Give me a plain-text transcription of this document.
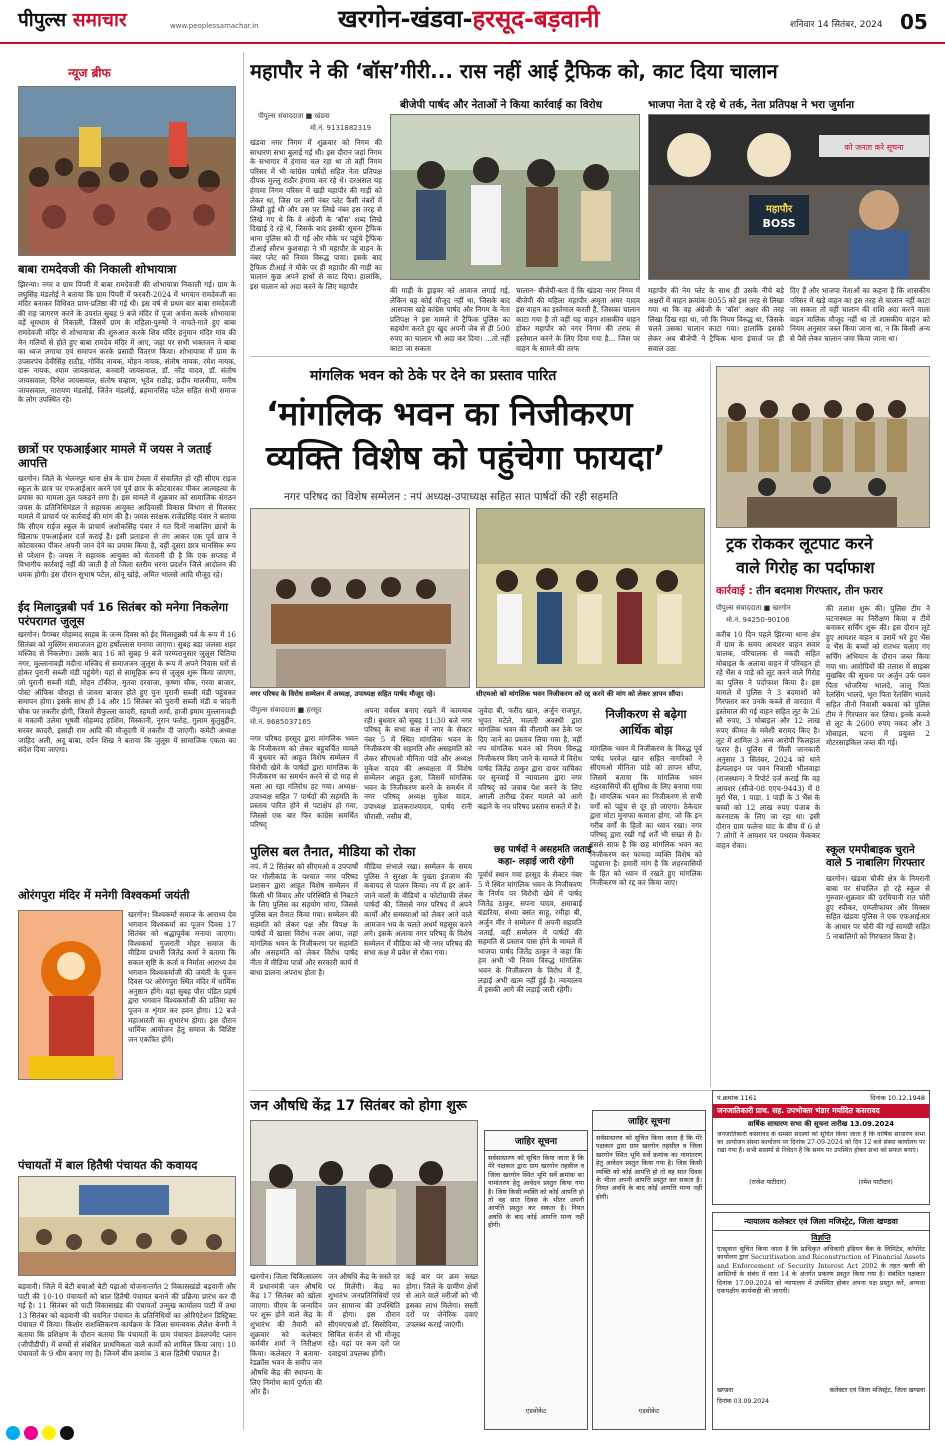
पीपुल्स समाचार	www.peoplessamachar.in	खरगोन-खंडवा-हरसूद-बड़वानी	शनिवार 14 सितंबर, 2024 05
न्यूज ब्रीफ
बाबा रामदेवजी की निकाली शोभायात्रा
झिरन्या। नगर व ग्राम पिपरी में बाबा रामदेवजी की शोभायात्रा निकाली गई। ग्राम के लघुसिंह मंडलोई ने बताया कि ग्राम पिपरी में फरवरी-2024 में भगवान रामदेवजी का मंदिर बनाकर विधिवत प्राण-प्रतिष्ठा की गई थी। इस वर्ष से प्रथम बार बाबा रामदेवजी की राह जागरण करने के उपरांत सुबह 9 बजे मंदिर में पूजा अर्चना करके शोभायात्रा वड़ें धूमधाम से निकाली, जिसमें ग्राम के महिला-पुरुषों ने नाचते-गाते हुए बाबा रामदेवजी मंदिर से शोभायात्रा की शुरुआत करके शिव मंदिर हनुमान मंदिर गांव की मेन गलियों से होते हुए बाबा रामदेव मंदिर में आए, जहां पर सभी भक्तजन ने बाबा का ध्वज लगाया एवं समापन करके प्रसादी वितरण किया। शोभायात्रा में ग्राम के उपसरपंच देवीसिंह राठौड़, गोविंद नायक, मोहन नायक, संतोष नायक, रमेश नायक, दारू नायक, श्याम जायसवाल, बनवारी जायसवाल, डॉ. नरेंद्र यादव, डॉ. संतोष जायसवाल, दिनेश जायसवाल, संतोष चव्हाण, भूदेव राठौड़, प्रदीप मालवीया, मनीष जायसवाल, नारायण मंडलोई, जितेन मंडलोई, ब्रहमानसिंह पटेल सहित सभी समाज के लोग उपस्थित रहे।
छात्रों पर एफआईआर मामले में जयस ने जताई आपत्ति
खरगोन। जिले के भेलनपुर थाना क्षेत्र के ग्राम टेमला में संचालित हो रही सीएम राइज स्कूल के छात्र पर एफआईआर करने एवं पूर्व छात्र के कोटवारका पीकर आत्महत्या के प्रयास का मामला तूल पकड़ने लगा है। इस मामले में शुक्रवार को सामाजिक संगठन जयस के प्रतिनिधिमंडल ने सहायक आयुक्त आदिवासी विकास विभाग से मिलकर मामले में प्राचार्य पर कार्रवाई की मांग की है। जयस सरंक्षक राजेंद्रसिंह पंवार ने बताया कि सीएम राईज स्कूल के प्राचार्य अशोकसिंह पंवार ने गत दिनों नाबालिग छात्रों के खिलाफ एफआईआर दर्ज कराई है। इसी प्रताड़ना से तंग आकर एक पूर्व छात्र ने कोटवारका पीकर अपनी जान देने का प्रयास किया है, वहीं दूसरा छात्र मानसिक रूप से परेशान है। जयस ने सहायक आयुक्त को चेतावनी दी है कि एक सप्ताह में विभागीय कार्रवाई नहीं की जाती है तो जिला स्तरीय धरना प्रदर्शन जिले आदोलन की धमक होगी। इस दौरान सुभाष पटेल, सोनू खोड़े, अमित भालसे आदि मौजूद रहे।
ईद मिलादुन्नबी पर्व 16 सितंबर को मनेगा निकलेगा परंपरागत जुलूस
खरगोन। पैगम्बर मोहम्मद साहब के जन्म दिवस को ईद मिलादुन्नबी पर्व के रूप में 16 सितंबर को मुस्लिम समाजजन द्वारा हर्षोल्लास मनाया जाएगा। सुबह बड़ा जलसा शहर मस्जिद से निकलेगा। उसके बाद 16 को सुबह 9 बजे परम्परानुसार जुलूस चितिया नगर, मुल्लानावड़ी मदीना मस्जिद से समाजजन जुलूस के रूप में अपने निवास घरों से होकर पुरानी सब्जी मंडी पहुंचेगे। यहां से सामूहिक रूप से जुलूस शुरू किया जाएगा, जो पुरानी सब्जी मंडी, मोहन टॉकीज, मुतवा दरवाजा, कृष्णा चौक, गरवा बाजार, पोस्ट ऑफिस चौराहा से जावरा बाजार होते हुए पुनः पुरानी सब्जी मंडी पहुंचकर समापन होगा। इसके साथ ही 14 और 15 सितंबर को पुरानी सब्जी मंडी व चांदनी चौक पर तकरीर होगी, जिसमें सैफुल्ला कादरी, रहमती शर्मा, हाजी इमाम मुल्लानावड़ी व मकामी उलेमा भूषवी मोहम्मद हाशिम, मिस्कानी, नूरान फरोह, गुलाम कुतुबुद्दीन, सरवर कादरी, इसाही राम आदि की मौजूदगी में तकरीर दी जाएगी। कमेटी अध्यक्ष जाहिद अली, अदू बाबा, दर्पन शिख ने बताया कि जुलूस में सामाजिक एकता का संदेश दिया जाएगा।
ओरंगपुरा मंदिर में मनेगी विश्वकर्मा जयंती
खरगोन। विश्वकर्मा समाज के आराध्य देव भगवान विश्वकर्मा का पूजन दिवस 17 सितंबर को श्रद्धापूर्वक मनाया जाएगा। विश्वकर्मा गुजराती मोहर समाज के मीडिया प्रभारी जितेंद्र कर्मा ने बताया कि सकल सृष्टि के कर्ता व निर्माता आराध्य देव भगवान विश्वकर्माजी की जयंती के पूजन दिवस पर ओरंगपुरा स्थित मंदिर में धार्मिक अनुष्ठान होंगे। वहां सुबह पौरा पंडित प्रहर्ष द्वारा भगवान विश्वकर्माजी की प्रतिमा का पूजन व शृंगार कर हवन होगा। 12 बजे महाआरती का शुभारंभ होगा। इस दौरान धार्मिक आयोजन हेतु समाज के विशिष्ट जन एकत्रित होंगे।
पंचायतों में बाल हितैषी पंचायत की कवायद
बड़वानी। जिले में बेटी बचाओ बेटी पढ़ाओ योजनान्तर्गत 2 विकासखंडो बड़वानी और पाटी की 10-10 पंचायतों को बाल हितैषी पंचायत बनाने की प्रक्रिया प्रारंभ कर दी गई है। 11 सितंबर को पाटी विकासखंड की पंचायतों उन्मुख कार्यालय पाटी में तथा 13 सितंबर को बड़वानी की चयनित पंचायत के प्रतिनिधियों का ओरिएंटेशन डिस्ट्रिक्ट पंचायत में किया। किशोर सशक्तिकरण कार्यक्रम के जिला समन्वयक लैलेश बेनगी ने बताया कि प्रशिक्षण के दौरान बताया कि पंचायतों के ग्राम पंचायत डेवलपमेंट प्लान (जीपीडीपी) में बच्चों से संबंधित प्राथमिकता वाले कार्यों को शामिल किया जाए। 10 पंचायतों के 9 थीम बनाए गए है। जिनमें बीम क्रमांक 3 बाल हितैषी पंचायत है।
महापौर ने की ‘बॉस’गीरी... रास नहीं आई ट्रैफिक को, काट दिया चालान
बीजेपी पार्षद और नेताओं ने किया कार्रवाई का विरोध	भाजपा नेता दे रहे थे तर्क, नेता प्रतिपक्ष ने भरा जुर्माना
पीपुल्स संवाददाता ■ खंडवा
मो.नं. 9131882319
खंडवा नगर निगम में शुक्रवार को निगम की साधारण सभा बुलाई गई थी। इस दौरान जहां निगम के सभागार में हंगामा चल रहा था तो वहीं निगम परिसर में भी कांग्रेस पार्षदों सहित नेता प्रतिपक्ष दीपक मुल्लू राठौर हंगामा कर रहे थे। दरअसल यह हंगामा निगम परिसर में खड़ी महापौर की गाड़ी को लेकर था, जिस पर लगी नंबर प्लेट फैंसी नंबरों में लिखी हुई थी और उस पर लिखे नंबर इस तरह से लिखे गए थे कि वे अंग्रेजी के ‘बॉस’ शब्द लिखे दिखाई दे रहे थे, जिसके बाद इसकी सूचना ट्रैफिक थाना पुलिस को दी गई और मौके पर पहुंचे ट्रैफिक टीआई सौरभ कुशवाहा ने भी महापौर के वाहन के नंबर प्लेट को नियम विरुद्ध पाया। इसके बाद ट्रैफिक टीआई ने मौके पर ही महापौर की गाड़ी का चालान कुछ अपने हाथों से काट दिया। हालांकि, इस चालान को अदा करने के लिए महापौर
महापौर
BOSS
को जनता करे सूचना
की गाड़ी के ड्राइवर को आवाज लगाई गई, लेकिन वह कोई मौजूद नहीं था, जिसके बाद आसपास खड़े कांग्रेस पार्षद और निगम के नेता प्रतिपक्ष ने इस मामले में ट्रैफिक पुलिस का सहयोग करते हुए खुद अपनी जेब से ही 500 रुपए का चालान भी अदा कर दिया। ...तो नहीं काटा जा सकता
चालान- बीजेपी-बता दें कि खंडवा नगर निगम में बीजेपी की महिला महापौर अमृता अमर यादव इस वाहन का इस्तेमाल करती हैं, जिसका चालान काटा गया है तो वहीं यह वाहन शासकीय वाहन होकर महापौर को नगर निगम की तरफ से इस्तेमाल करने के लिए दिया गया है... जिस पर वाहन के सामने की तरफ
महापौर की नेम प्लेट के साथ ही उसके नीचे बड़े अक्षरों में वाहन क्रमांक 8055 को इस तरह से लिखा गया था कि वह अंग्रेजी के ‘बॉस’ अक्षर की तरह लिखा दिख रहा था, जो कि नियम विरुद्ध था, जिसके चलते उसका चालान काटा गया। हालांकि इसको लेकर अब बीजेपी ने ट्रैफिक थाना इंचार्ज पर ही सवाल उठा
दिए हैं और भाजपा नेताओं का कहना है कि शासकीय परिसर में खड़े वाहन का इस तरह से चालान नहीं काटा जा सकता तो वहीं चालान की राशि अदा करने वाला वाहन मालिक मौजूद नहीं था तो शासकीय वाहन को नियम अनुसार जब्त किया जाना था, न कि किसी अन्य से पैसे लेकर चालान जमा किया जाना था।
मांगलिक भवन को ठेके पर देने का प्रस्ताव पारित
‘मांगलिक भवन का निजीकरण
व्यक्ति विशेष को पहुंचेगा फायदा’
नगर परिषद का विशेष सम्मेलन : नपं अध्यक्ष-उपाध्यक्ष सहित सात पार्षदों की रही सहमति
नगर परिषद के विरोध सम्मेलन में अध्यक्ष, उपाध्यक्ष सहित पार्षद मौजूद रहे।	सीएमओ को मांगलिक भवन निजीकरण को रद्द करने की मांग को लेकर ज्ञापन सौंपा।
पीपुल्स संवाददाता ■ हरसूद
मो.नं. 9685037165
नगर परिषद हरसूद द्वारा मांगलिक भवन के निजीकरण को लेकर बहुचर्चित मामले में बुधवार को आहूत विशेष सम्मेलन में विरोधी खेमे के पार्षदों द्वारा मांगलिक के निजीकरण का समर्थन करने से दो माह से चला आ रहा गतिरोध हट गया। अध्यक्ष-उपाध्यक्ष सहित 7 पार्षदों की सहमति के प्रस्ताव पारित होने से पटाक्षेप हो गया, जिससे एक बार फिर कांग्रेस समर्थित परिषद्
अपना वर्चस्व बनाए रखने में कामयाब रही। बुधवार को सुबह 11:30 बजे नगर परिषद् के सभा कक्ष में नगर के सेक्टर नंबर 5 में स्थित मांगलिक भवन के निजीकरण की सहमति और असहमति को लेकर सीएमओ मीनिता पांडे और अध्यक्ष मुकेश यादव की अध्यक्षता में विशेष सम्मेलन आहूत हुआ, जिसमें मांगलिक भवन के निजीकरण करने के समर्थन में नगर परिषद् अध्यक्ष मुकेश यादव, उपाध्यक्ष डालकराश्यादव, पार्षद रानी चौरासी, नसीम बी,
जुवेदा बी, फरीद खान, अर्जुन राजपूत, भूपत मटेले, मालती अवस्थी द्वारा मांगलिक भवन की नीलामी कर ठेके पर दिए जाने का प्रस्ताव लिया गया है, वहीं नप मांगलिक भवन को नियम विरुद्ध निजीकरण किए जाने के मामले में विरोध पार्षद जितेंद्र ठाकुर द्वारा दायर याचिका पर सुनवाई में न्यायालय द्वारा नगर परिषद् को जवाब पेश करने के लिए अगली तारीख देकर मामले को आगे बढ़ाने के नप परिषद प्रस्ताव सकते में है।
पुलिस बल तैनात, मीडिया को रोका
नपं. में 2 सितंबर को सीएमओ व उपपार्षों पर गोलीकांड के पश्चात नगर परिषद प्रशासन द्वारा आहूत विशेष सम्मेलन में किसी भी विवाद और परिस्थिति से निबटने के लिए पुलिस का सहयोग मांगा, जिससे पुलिस बल तैनात किया गया। सम्मेलन की सहमति को लेकर पक्ष और विपक्ष के पार्षदों में खासा विरोध नजर आया, जहां मांगलिक भवन के निजीकरण पर सहमति और असहमति को लेकर विरोध पार्षद नीता में मीडिया पात्रों और सरकारी कार्य में बाधा डालना अपराध होता है।
मीडिया संभाले रखा। सम्मेलन के समय पुलिस ने सुरक्षा के पुख्ता इंतजाम की कवायद से पालन किया। नप में हर आने-जाने वालों के वीडियो व फोटोग्राफी लेकर पार्षदों की, जिससे नगर परिषद में अपने कार्यों और समस्याओं को लेकर आने वाले आमजन भय के चलते अधर्म महसूस करने लगे। इसके अलावा नगर परिषद् के विशेष सम्मेलन में मीडिया को भी नगर परिषद की सभा कक्ष में प्रवेश से रोका गया।
छह पार्षदों ने असहमति जताई
कहा- लड़ाई जारी रहेगी
पूर्वार्ध स्थान गया हरसूद के सेक्टर नंबर 5 में स्थित मांगलिक भवन के निजीकरण के निर्णय पर विरोधी खेमे में पार्षद जितेंद्र ठाकुर, सपना यादव, क्षमाबाई बंडारिया, संध्या बसंत साहू, रमीहा बी, अर्जुन मीर ने सम्मेलन में अपनी सहमति जताई, वहीं सम्मेलन में पार्षदों की सहमति से प्रस्ताव पास होने के मामले में भाजपा पार्षद जितेंद्र ठाकुर ने कहा कि हम अभी भी नियम विरुद्ध मांगलिक भवन के निजीकरण के विरोध में हैं, लड़ाई अभी खत्म नहीं हुई है। न्यायालय में इसकी आगे की लड़ाई जारी रहेगी।
निजीकरण से बढ़ेगा आर्थिक बोझ
मांगलिक भवन में निजीकरण के विरुद्ध पूर्व पार्षद परवेज़ खान सहित नागरिकों ने सीएमओ मीनिता पांडे को ज्ञापन सौंपा, जिसमें बताया कि मांगलिक भवन शहरवासियों की सुविधा के लिए बनाया गया है। मांगलिक भवन का निजीकरण से सभी वर्गों को पहुंच से दूर हो जाएगा। ठेकेदार द्वारा मोटा मुनाफा कमाना होगा, जो कि इन गरीब वर्गों के हितों का ध्यान रखा। नगर परिषद् द्वारा रखी गई शर्तें भी सख्त से है। इससे साफ है कि छह मांगलिक भवन का निजीकरण कर फायदा व्यक्ति विशेष को पहुंचाना है। हमारी मांग है कि शहरवासियों के हित को ध्यान में रखते हुए मांगलिक निजीकरण को रद्द कर किया जाए।
ट्रक रोककर लूटपाट करने
वाले गिरोह का पर्दाफाश
कार्रवाई : तीन बदमाश गिरफ्तार, तीन फरार
पीपुल्स संवाददाता ■ खरगोन
मो.नं. 94250-90106
करीब 10 दिन पहले झिरन्या थाना क्षेत्र में ग्राम के समय आयशर वाहन सवार चालक, परिचालक से नकदी सहित मोबाइल के अलावा वाहन में परिवहन हो रहे भैंस व पाड़े को लूट करने वाले गिरोह का पुलिस ने पर्दाफाश किया है। इस मामले में पुलिस ने 3 बदमाशों को गिरफ्तार कर उनके कब्जे से वारदात में इस्तेमाल की गई वाहन सहित लूट के 26 सौ रुपए, 3 मोबाइल और 12 लाख रुपए कीमत के मवेशी बरामद किए है। लूट में शामिल 3 अन्य आरोपी फिलहाल फरार है। पुलिस से मिली जानकारी अनुसार 3 सितंबर, 2024 को थाने हेल्पलाइन पर पवन निवासी भीलवाड़ा (राजस्थान) ने रिपोर्ट दर्ज कराई कि वह आयशर (सीजे-08 एएच-9443) में 8 मुर्रा भैंस, 1 पाड़ा, 1 पाड़ी के 3 भैंस के बच्चों को 12 लाख रुपए पंजाब के करनाटक के लिए जा रहा था। इसी दौरान ग्राम फलेना घाट के बीच में 6 से 7 लोगों ने आयशर पर पथराव फेंककर वाहन रोका।
की तलाश शुरू की। पुलिस टीम ने घटनास्थल का निरीक्षण किया व टीमें बनाकर सर्चिंग शुरू की। इस दौरान लूटे हुए आयशर वाहन व उसमें भरे हुए भैंस व भैंस के बच्चों को रातभर चलाए गए सर्चिंग अभियान के दौरान जब्त किया गया था। आरोपियों की तलाश में साइबर मुखबिर की सूचना पर अर्जुन उर्फ पवन पिता भोजरिया भालदे, जालू पिता रेलसिंग भालदे, भूरा पिता रेलसिंग भालदे सहित तीनों निवासी बकावां को पुलिस टीम ने गिरफ्तार कर लिया। इनके कब्जे से लूट के 2600 रुपए नकद और 3 मोबाइल, घटना में प्रयुक्त 2 मोटरसाइकिल जब्त की गई।
स्कूल एमपीबाइक चुराने वाले 5 नाबालिग गिरफ्तार
खरगोन। खंडवा चौकी क्षेत्र के निमरानी बाबा पर संचालित हो रहे स्कूल से गुरुवार-शुक्रवार की दरमियानी रात चोरी हुए स्पीकर, एम्प्लीफायर और मिक्सर सहित खंडवा पुलिस ने एक एफआईआर के आधार पर चोरी की गई सामग्री सहित 5 नाबालिगों को गिरफ्तार किया है।
जन औषधि केंद्र 17 सितंबर को होगा शुरू
खरगोन। जिला चिकित्सालय में प्रधानमंत्री जन औषधि केंद्र 17 सितंबर को खोला जाएगा। पीएम के जन्मदिन पर शुरू होने वाले केंद्र के शुभारंभ की तैयारी को शुक्रवार को कलेक्टर कर्मवीर शर्मा ने निरीक्षण किया। कलेक्टर ने बताया- रेडक्रॉस भवन के समीप जन औषधि केंद्र की स्थापना के लिए निर्माण कार्य पूर्णता की ओर है।
जन औषधि केंद्र के सस्ते दर पर मिलेंगी। केंद्र का शुभारंभ जनप्रतिनिधियों एवं जन सामान्य की उपस्थिति में होगा। इस दौरान सीएमएचओ डॉ. सिसोदिया, सिविल सर्जन से भी मौजूद रहे। यहां पर कम दरों पर दवाइयां उपलब्ध होंगी।
कई बार पर क्रम सख्त होगा। जिले के ग्रामीण क्षेत्रों से आने वाले मरीजों को भी इसका लाभ मिलेगा। सस्ती दरों पर जेनेरिक दवाएं उपलब्ध कराई जाएंगी।
जाहिर सूचना
सर्वसाधारण को सूचित किया जाता है कि मेरे पक्षकार द्वारा ग्राम खरगोन तहसील व जिला खरगोन स्थित भूमि सर्वे क्रमांक का नामांतरण हेतु आवेदन प्रस्तुत किया गया है। जिस किसी व्यक्ति को कोई आपत्ति हो तो वह सात दिवस के भीतर अपनी आपत्ति प्रस्तुत कर सकता है। नियत अवधि के बाद कोई आपत्ति मान्य नहीं होगी।
एडवोकेट
जाहिर सूचना
सर्वसाधारण को सूचित किया जाता है कि मेरे पक्षकार द्वारा ग्राम खरगोन तहसील व जिला खरगोन स्थित भूमि सर्वे क्रमांक का नामांतरण हेतु आवेदन प्रस्तुत किया गया है। जिस किसी व्यक्ति को कोई आपत्ति हो तो वह सात दिवस के भीतर अपनी आपत्ति प्रस्तुत कर सकता है। नियत अवधि के बाद कोई आपत्ति मान्य नहीं होगी।
एडवोकेट
पं.क्रमांक 1161	दिनांक 10.12.1948
जनजातिकारी प्राथ. सह. उपभोक्ता भंडार मर्यादित कसरावद
वार्षिक साधारण सभा की सूचना तारीख 13.09.2024
जनजातिकारी कसरावद के समस्त सदस्यों को सूचित किया जाता है कि वार्षिक साधारण सभा का आयोजन संस्था कार्यालय पर दिनांक 27-09-2024 को दिन 12 बजे संस्था कार्यालय पर रखा गया है। सभी सदस्यों से निवेदन है कि समय पर उपस्थित होकर सभा को सफल बनाएं।
(राजेश पाटीदार)	(रमेश पाटीदार)
न्यायालय कलेक्टर एवं जिला मजिस्ट्रेट, जिला खण्डवा
विज्ञप्ति
एतद्द्वारा सूचित किया जाता है कि प्राधिकृत अधिकारी इंडियन बैंक के लिमिटेड, कॉपोरेट कार्यालय द्वारा Securitisation and Reconstruction of Financial Assets and Enforcement of Security Interest Act 2002 के तहत ऋणी की आस्तियों के संबंध में धारा 14 के अंतर्गत प्रकरण प्रस्तुत किया गया है। संबंधित पक्षकार दिनांक 17.09.2024 को न्यायालय में उपस्थित होकर अपना पक्ष प्रस्तुत करें, अन्यथा एकपक्षीय कार्यवाही की जाएगी।
खण्डवा	कलेक्टर एवं जिला मजिस्ट्रेट, जिला खण्डवा
दिनांक 03.09.2024
